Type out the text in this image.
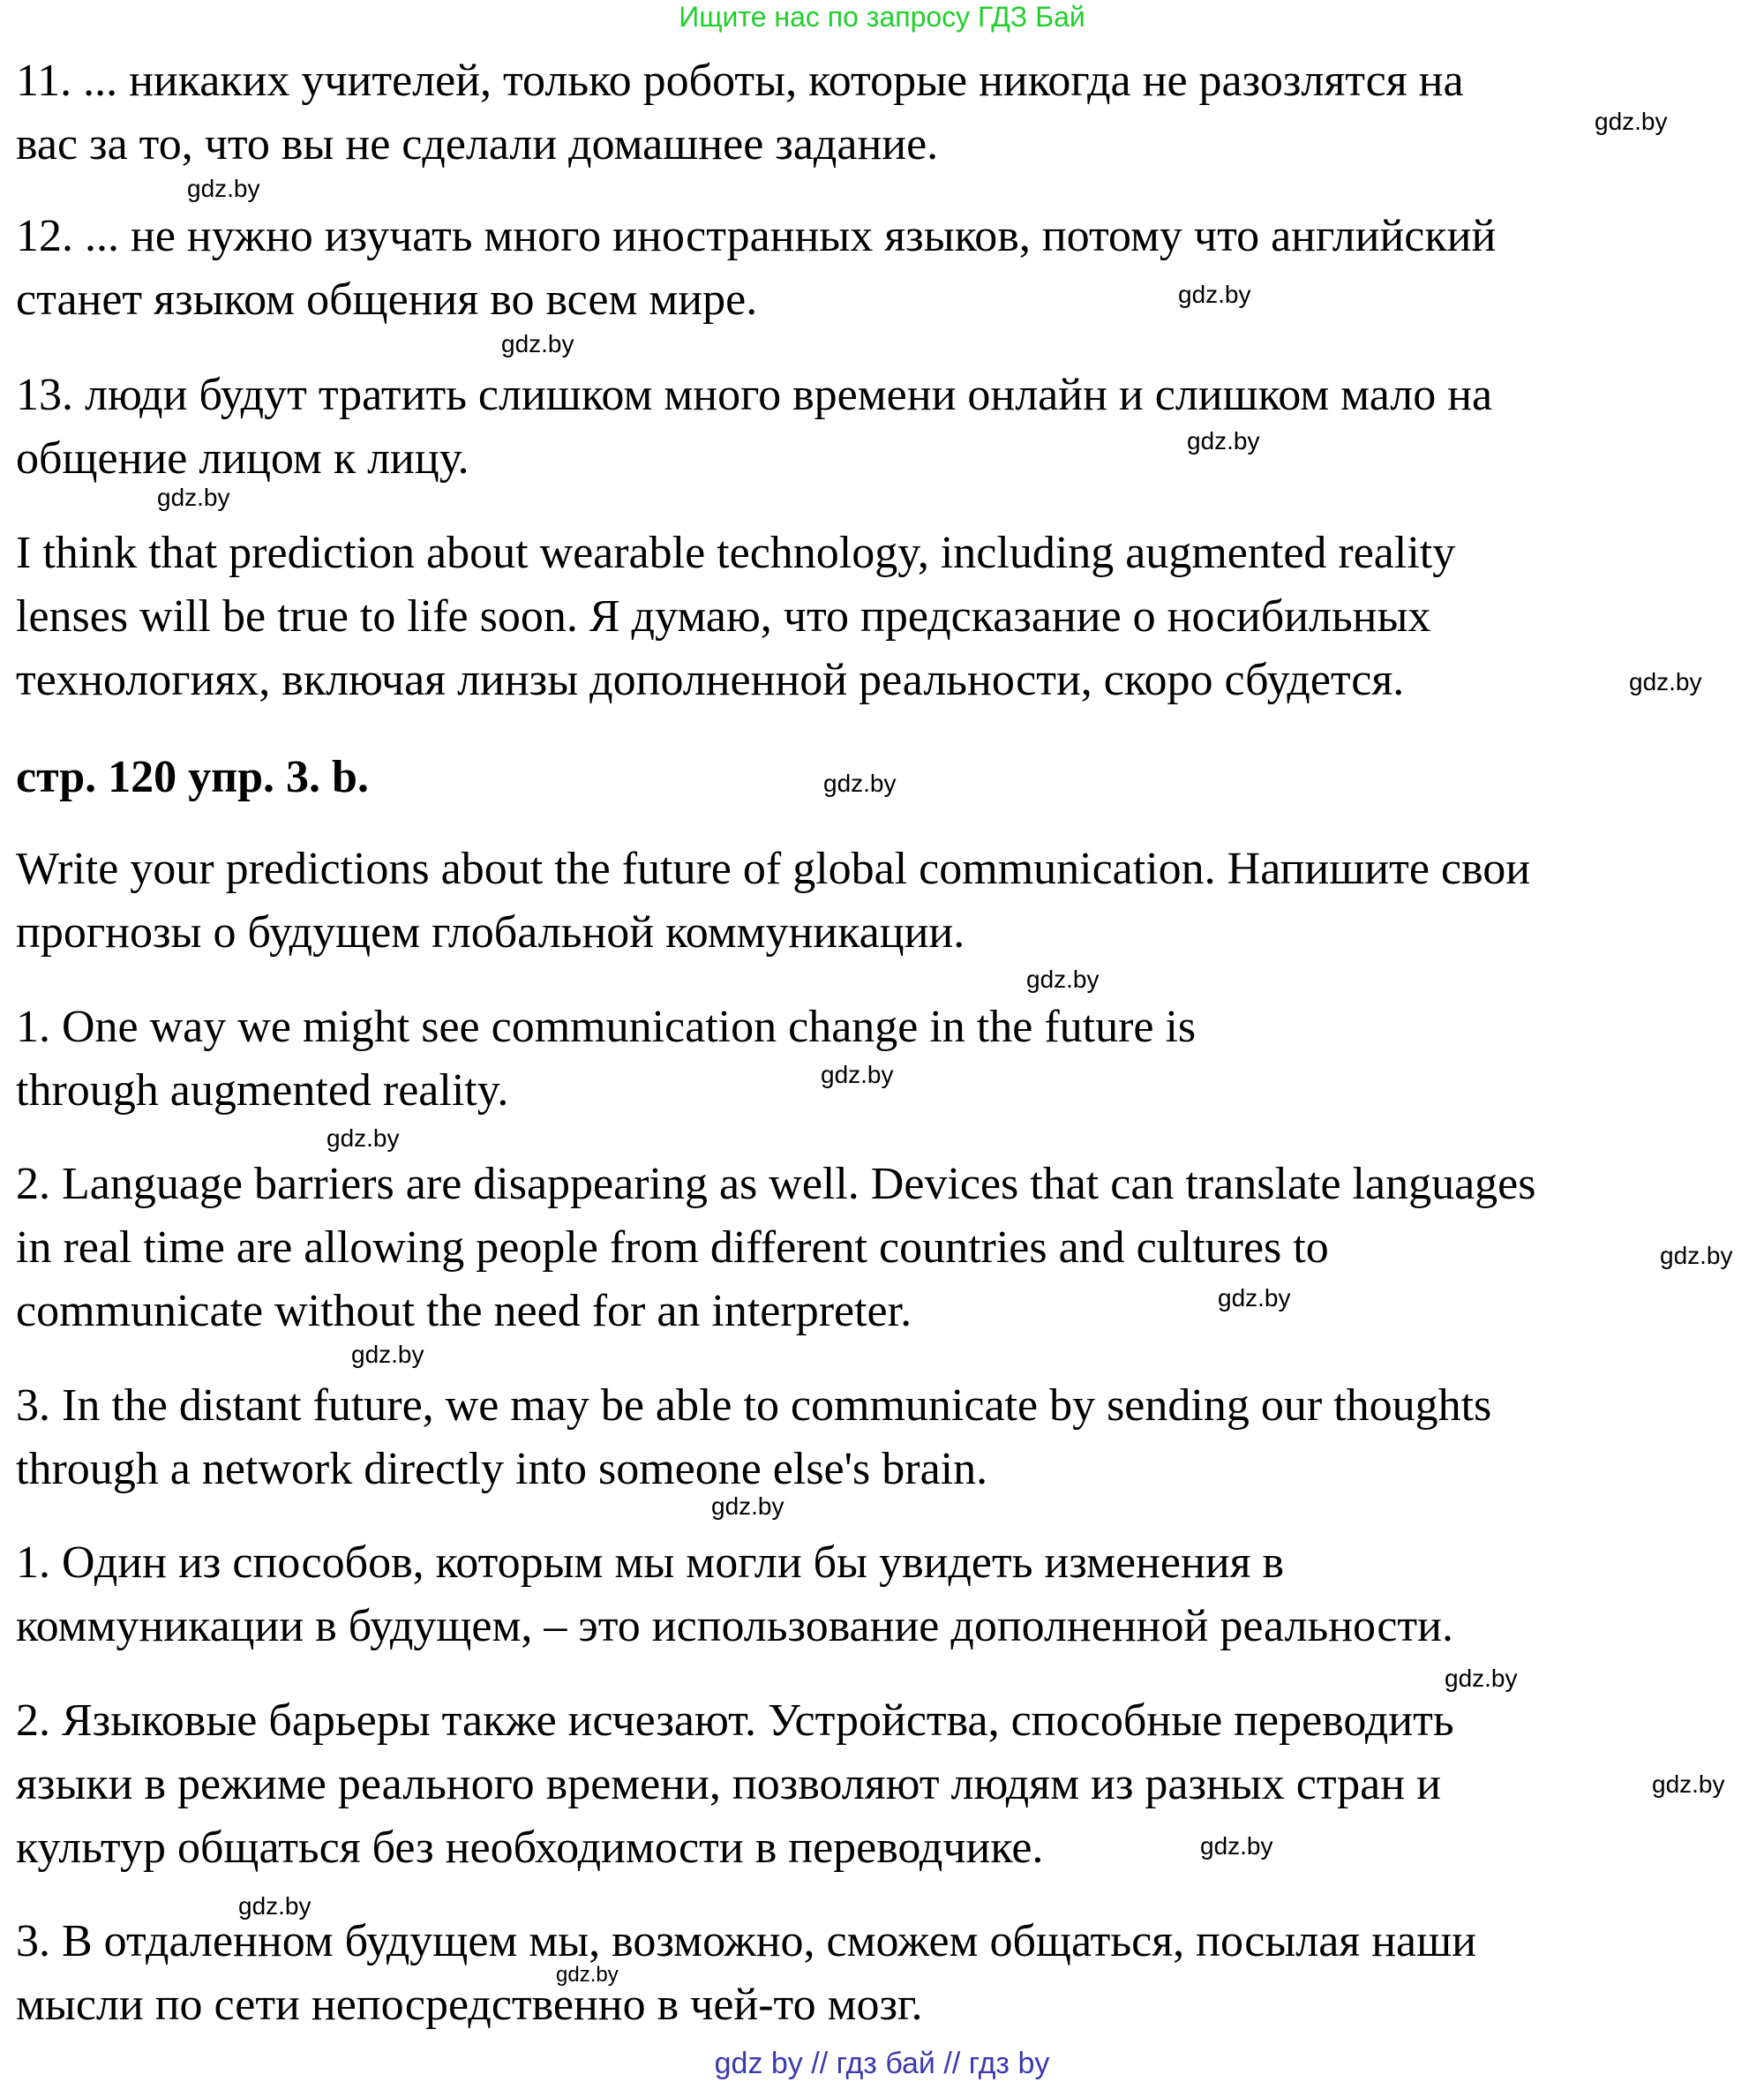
Ищите нас по запросу ГДЗ Бай
11. ... никаких учителей, только роботы, которые никогда не разозлятся на
вас за то, что вы не сделали домашнее задание.	gdz.by
gdz.by
12. ... не нужно изучать много иностранных языков, потому что английский
станет языком общения во всем мире.	gdz.by
gdz.by
13. люди будут тратить слишком много времени онлайн и слишком мало на
общение лицом к лицу.	gdz.by
gdz.by
I think that prediction about wearable technology, including augmented reality
lenses will be true to life soon. Я думаю, что предсказание о носибильных
технологиях, включая линзы дополненной реальности, скоро сбудется.	gdz.by
стр. 120 упр. 3. b.	gdz.by
Write your predictions about the future of global communication. Напишите свои
прогнозы о будущем глобальной коммуникации.
gdz.by
1. One way we might see communication change in the future is
through augmented reality.	gdz.by
gdz.by
2. Language barriers are disappearing as well. Devices that can translate languages
in real time are allowing people from different countries and cultures to
communicate without the need for an interpreter.
gdz.by
gdz.by
gdz.by
3. In the distant future, we may be able to communicate by sending our thoughts
through a network directly into someone else's brain.
gdz.by
1. Один из способов, которым мы могли бы увидеть изменения в
коммуникации в будущем, – это использование дополненной реальности.
gdz.by
2. Языковые барьеры также исчезают. Устройства, способные переводить
языки в режиме реального времени, позволяют людям из разных стран и
культур общаться без необходимости в переводчике.
gdz.by
gdz.by
gdz.by
3. В отдаленном будущем мы, возможно, сможем общаться, посылая наши
мысли по сети непосредственно в чей-то мозг.
gdz.by
gdz by // гдз бай // гдз by
